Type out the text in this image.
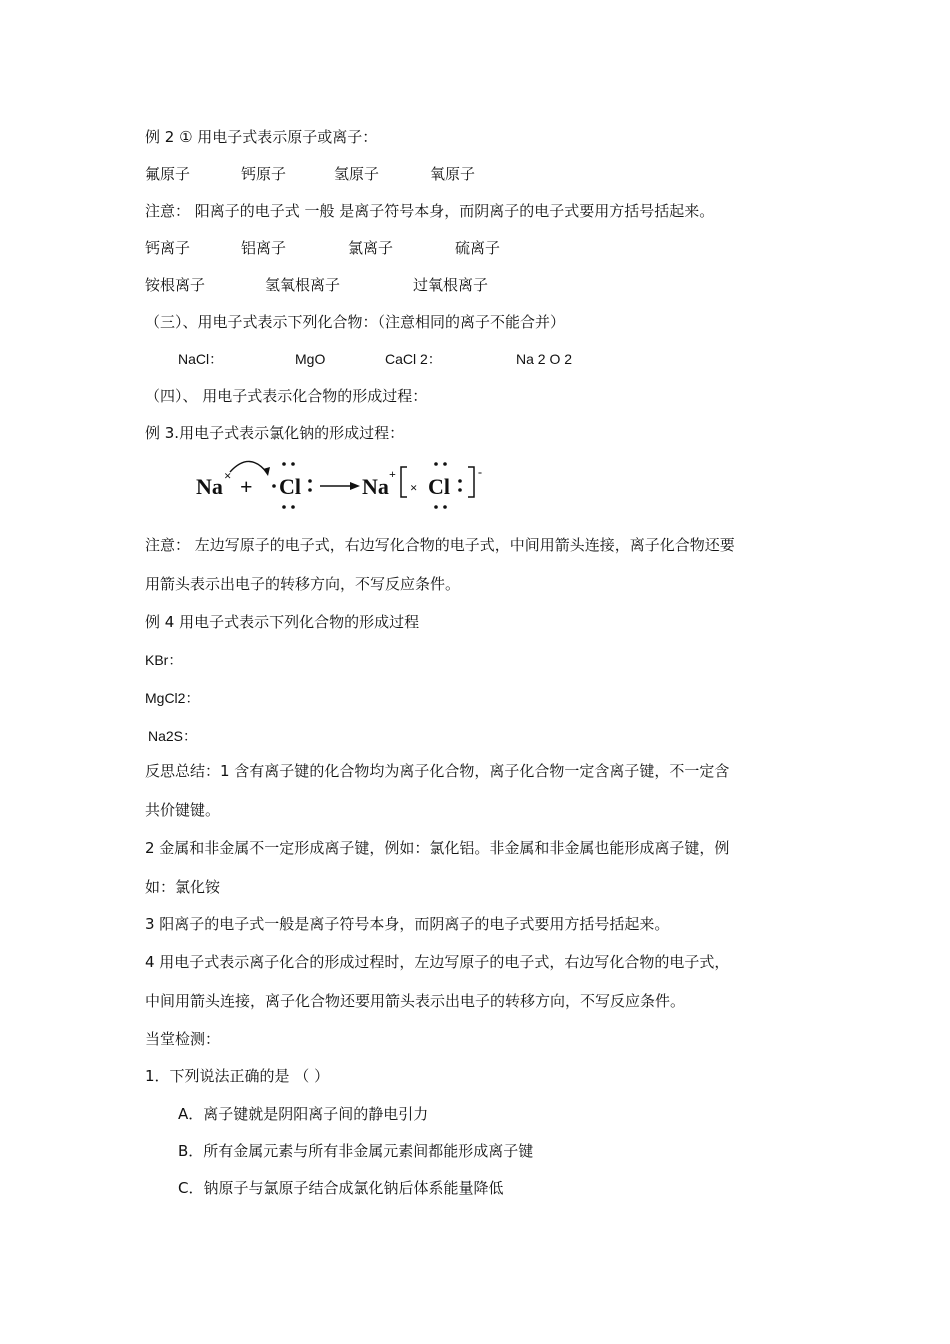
例 2 ① 用电子式表示原子或离子：
氟原子	钙原子	氢原子	氧原子
注意： 阳离子的电子式 一般 是离子符号本身，而阴离子的电子式要用方括号括起来。
钙离子	铝离子	氯离子	硫离子
铵根离子	氢氧根离子	过氧根离子
（三）、用电子式表示下列化合物：（注意相同的离子不能合并）
NaCl：	MgO	CaCl 2：	Na 2 O 2
（四）、 用电子式表示化合物的形成过程：
例 3.用电子式表示氯化钠的形成过程：
Na × + Cl	Na +
× Cl
-
注意： 左边写原子的电子式，右边写化合物的电子式，中间用箭头连接，离子化合物还要
用箭头表示出电子的转移方向，不写反应条件。
例 4 用电子式表示下列化合物的形成过程
KBr：
MgCl2：
Na2S：
反思总结：1 含有离子键的化合物均为离子化合物，离子化合物一定含离子键，不一定含
共价键键。
2 金属和非金属不一定形成离子键，例如：氯化铝。非金属和非金属也能形成离子键，例
如：氯化铵
3 阳离子的电子式一般是离子符号本身，而阴离子的电子式要用方括号括起来。
4 用电子式表示离子化合的形成过程时，左边写原子的电子式，右边写化合物的电子式，
中间用箭头连接，离子化合物还要用箭头表示出电子的转移方向，不写反应条件。
当堂检测：
1．下列说法正确的是 （ ）
A．离子键就是阴阳离子间的静电引力
B．所有金属元素与所有非金属元素间都能形成离子键
C．钠原子与氯原子结合成氯化钠后体系能量降低
